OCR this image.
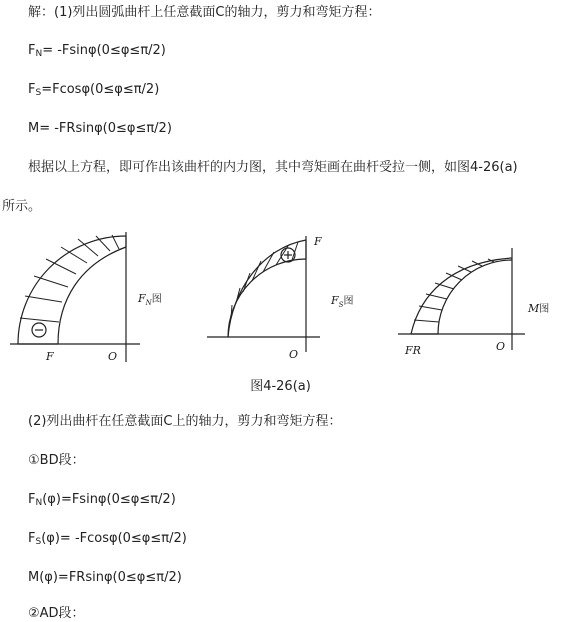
解：(1)列出圆弧曲杆上任意截面C的轴力，剪力和弯矩方程：
$F_N= -Fsin\varphi(0\le\varphi\le\pi/2)$
$F_S=Fcos\varphi(0\le\varphi\le\pi/2)$
M= -FRsinφ(0≤φ≤π/2)
根据以上方程，即可作出该曲杆的内力图，其中弯矩画在曲杆受拉一侧，如图4-26(a)
所示。
F	O
$F_N$图
F
O
$F_S$图
FR	O
M图
图4-26(a)
(2)列出曲杆在任意截面C上的轴力，剪力和弯矩方程：
①BD段：
$F_N(\varphi)=Fsin\varphi(0\le\varphi\le\pi/2)$
$F_S(\varphi)= -Fcos\varphi(0\le\varphi\le\pi/2)$
M(φ)=FRsinφ(0≤φ≤π/2)
②AD段：
